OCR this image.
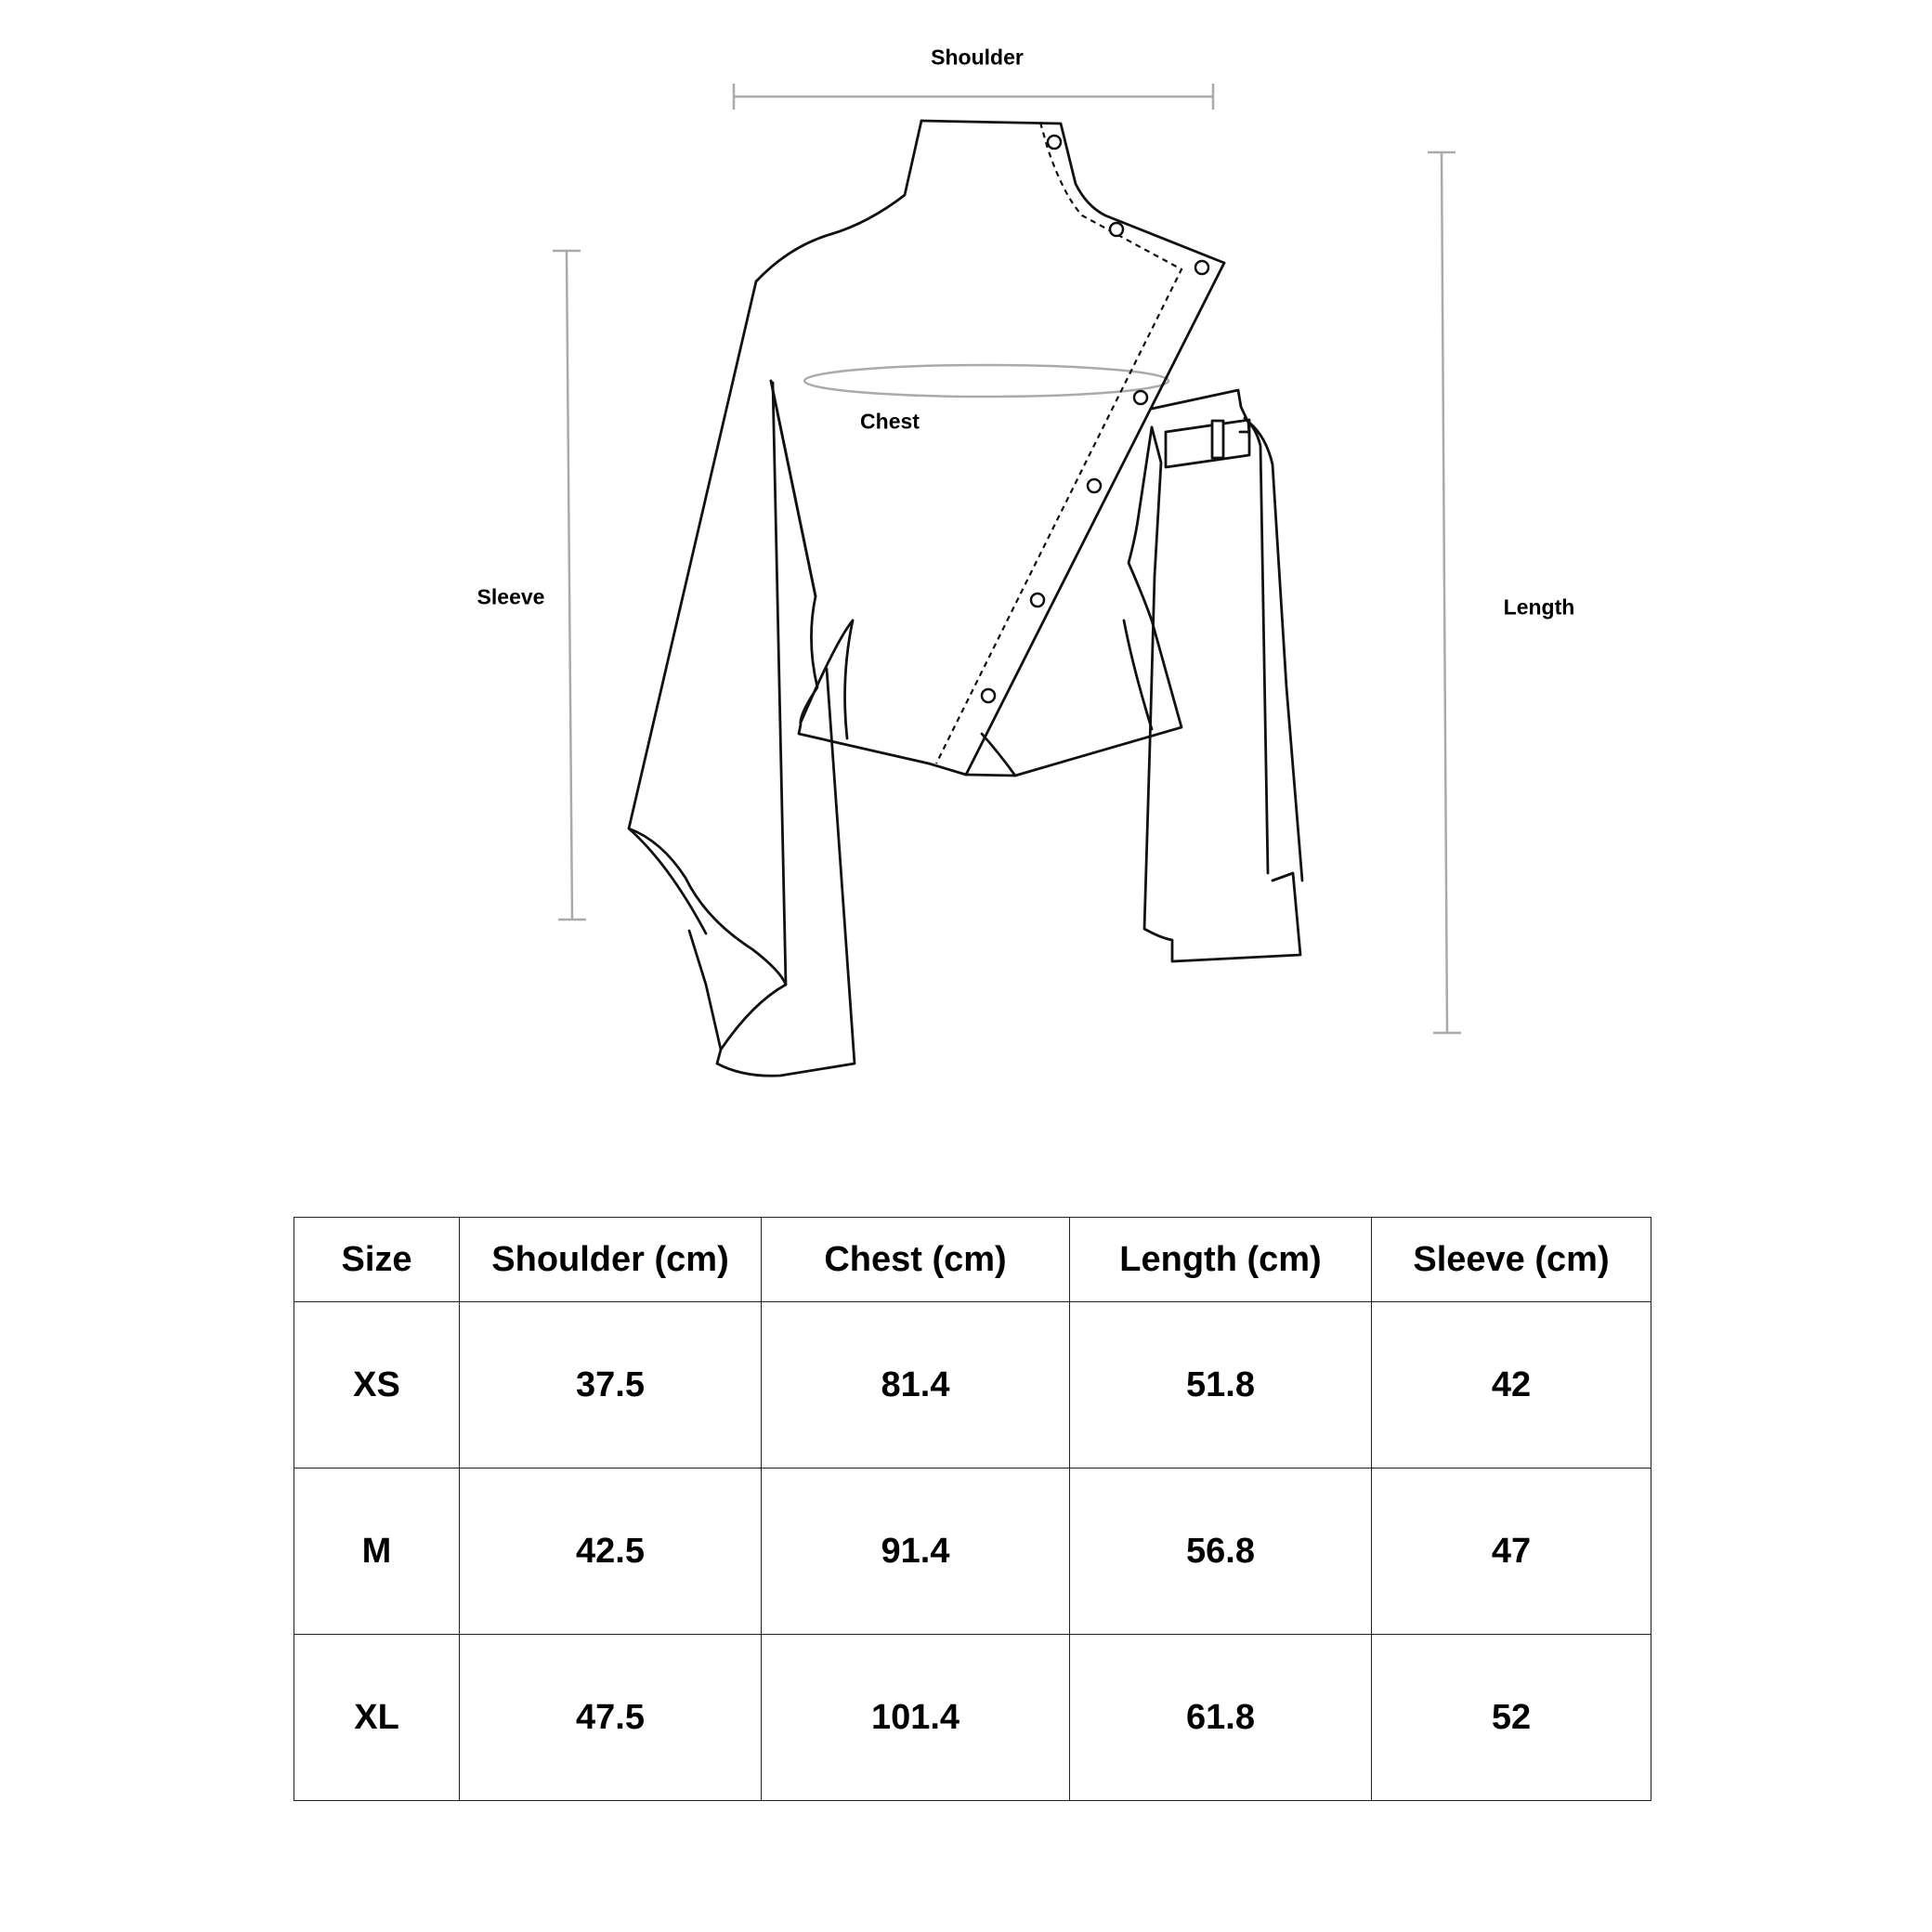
Shoulder
Chest
Sleeve	Length
Size	Shoulder (cm)	Chest (cm)	Length (cm)	Sleeve (cm)
XS	37.5	81.4	51.8	42
M	42.5	91.4	56.8	47
XL	47.5	101.4	61.8	52
